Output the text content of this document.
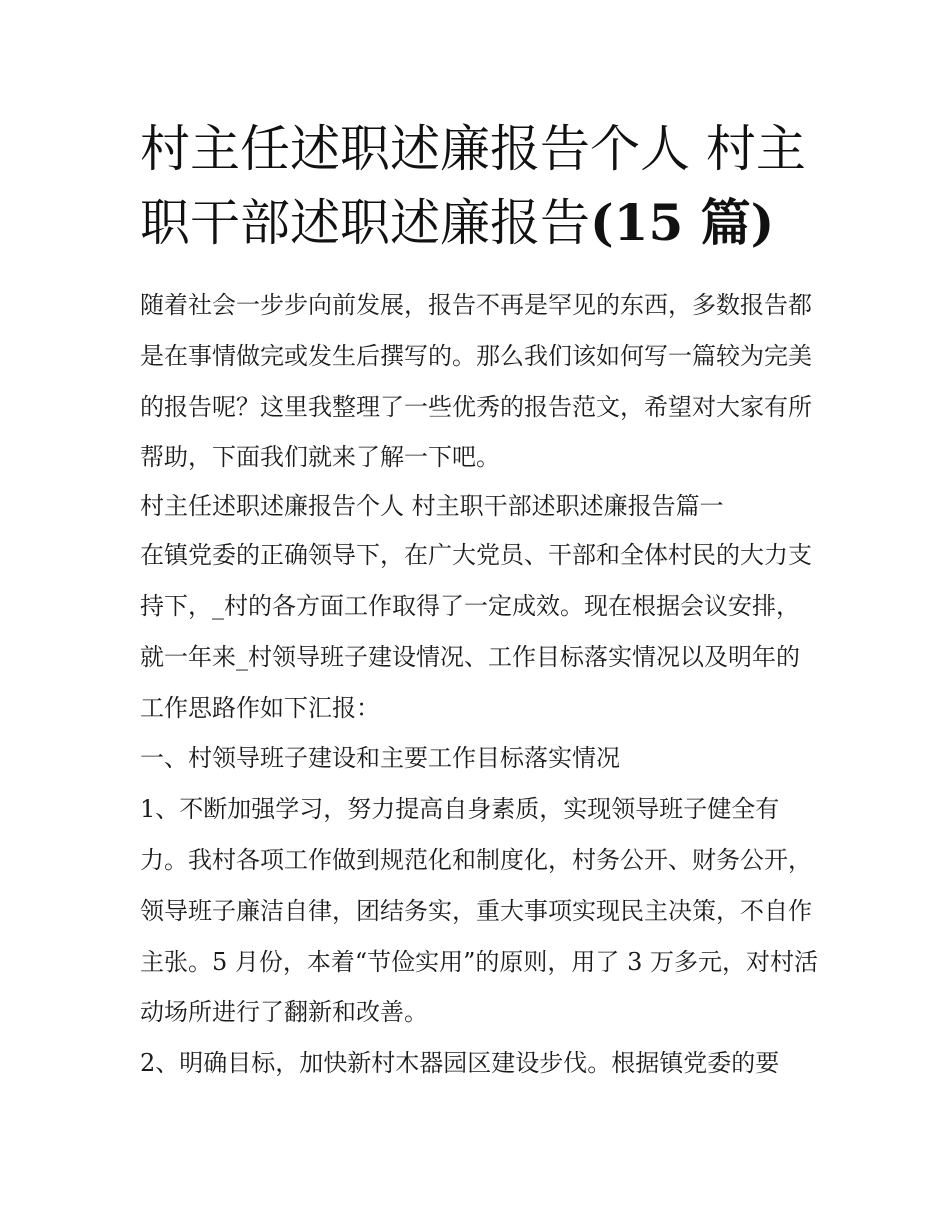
村主任述职述廉报告个人 村主
职干部述职述廉报告(15 篇)

随着社会一步步向前发展，报告不再是罕见的东西，多数报告都是在事情做完或发生后撰写的。那么我们该如何写一篇较为完美的报告呢？这里我整理了一些优秀的报告范文，希望对大家有所帮助，下面我们就来了解一下吧。

村主任述职述廉报告个人 村主职干部述职述廉报告篇一

在镇党委的正确领导下，在广大党员、干部和全体村民的大力支持下，_村的各方面工作取得了一定成效。现在根据会议安排，就一年来_村领导班子建设情况、工作目标落实情况以及明年的工作思路作如下汇报：

一、村领导班子建设和主要工作目标落实情况

1、不断加强学习，努力提高自身素质，实现领导班子健全有力。我村各项工作做到规范化和制度化，村务公开、财务公开，领导班子廉洁自律，团结务实，重大事项实现民主决策，不自作主张。5 月份，本着“节俭实用”的原则，用了 3 万多元，对村活动场所进行了翻新和改善。

2、明确目标，加快新村木器园区建设步伐。根据镇党委的要
